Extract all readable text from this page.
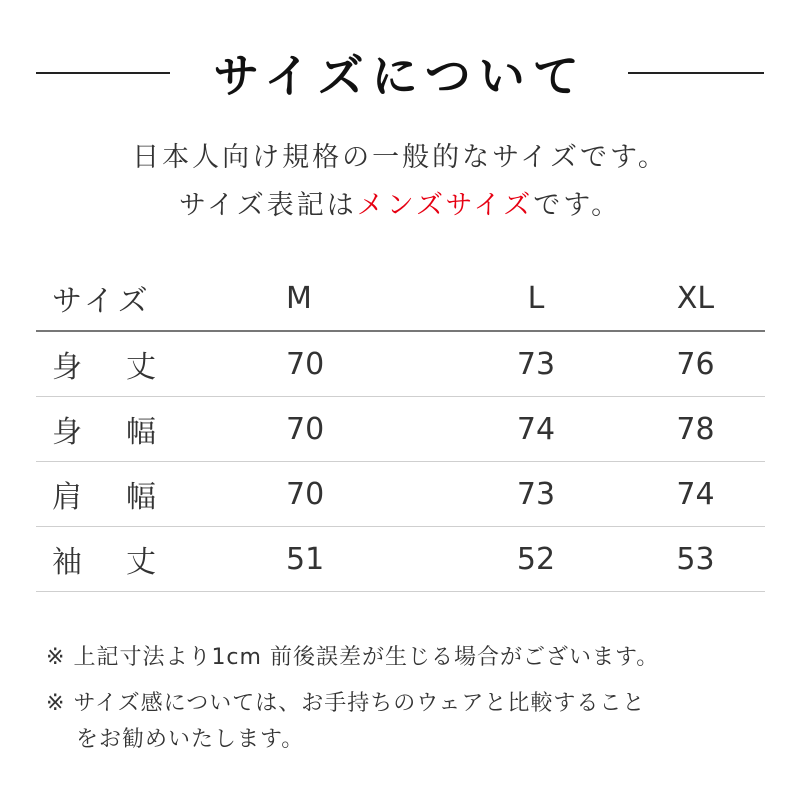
サイズについて
日本人向け規格の一般的なサイズです。
サイズ表記はメンズサイズです。
サイズ	M	L	XL
身丈	70	73	76
身幅	70	74	78
肩幅	70	73	74
袖丈	51	52	53
※ 上記寸法より1cm 前後誤差が生じる場合がございます。
※ サイズ感については、お手持ちのウェアと比較すること
をお勧めいたします。
